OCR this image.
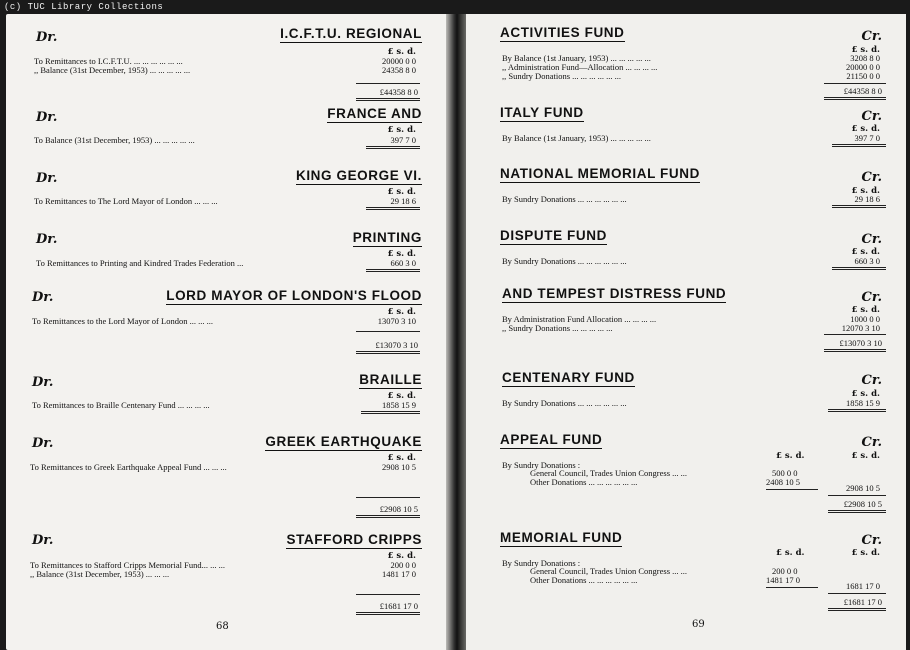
(c) TUC Library Collections
Dr.	I.C.F.T.U. REGIONAL
£ s. d.
To Remittances to I.C.F.T.U. ... ... ... ... ... ...	20000 0 0
,, Balance (31st December, 1953) ... ... ... ... ...	24358 8 0
£44358 8 0
Dr.	FRANCE AND
£ s. d.
To Balance (31st December, 1953) ... ... ... ... ...	397 7 0
Dr.	KING GEORGE VI.
£ s. d.
To Remittances to The Lord Mayor of London ... ... ...	29 18 6
Dr.	PRINTING
£ s. d.
To Remittances to Printing and Kindred Trades Federation ...	660 3 0
Dr.	LORD MAYOR OF LONDON'S FLOOD
£ s. d.
To Remittances to the Lord Mayor of London ... ... ...	13070 3 10
£13070 3 10
Dr.	BRAILLE
£ s. d.
To Remittances to Braille Centenary Fund ... ... ... ...	1858 15 9
Dr.	GREEK EARTHQUAKE
£ s. d.
To Remittances to Greek Earthquake Appeal Fund ... ... ...	2908 10 5
£2908 10 5
Dr.	STAFFORD CRIPPS
£ s. d.
To Remittances to Stafford Cripps Memorial Fund... ... ...	200 0 0
,, Balance (31st December, 1953) ... ... ...	1481 17 0
£1681 17 0
68
ACTIVITIES FUND	Cr.
£ s. d.
By Balance (1st January, 1953) ... ... ... ... ...	3208 8 0
,, Administration Fund—Allocation ... ... ... ...	20000 0 0
,, Sundry Donations ... ... ... ... ... ...	21150 0 0
£44358 8 0
ITALY FUND	Cr.
£ s. d.
By Balance (1st January, 1953) ... ... ... ... ...	397 7 0
NATIONAL MEMORIAL FUND	Cr.
£ s. d.
By Sundry Donations ... ... ... ... ... ...	29 18 6
DISPUTE FUND	Cr.
£ s. d.
By Sundry Donations ... ... ... ... ... ...	660 3 0
AND TEMPEST DISTRESS FUND	Cr.
£ s. d.
By Administration Fund Allocation ... ... ... ...	1000 0 0
,, Sundry Donations ... ... ... ... ...	12070 3 10
£13070 3 10
CENTENARY FUND	Cr.
£ s. d.
By Sundry Donations ... ... ... ... ... ...	1858 15 9
APPEAL FUND	Cr.
£ s. d.	£ s. d.
By Sundry Donations :
General Council, Trades Union Congress ... ...	500 0 0
Other Donations ... ... ... ... ... ...	2408 10 5
2908 10 5
£2908 10 5
MEMORIAL FUND	Cr.
£ s. d.	£ s. d.
By Sundry Donations :
General Council, Trades Union Congress ... ...	200 0 0
Other Donations ... ... ... ... ... ...	1481 17 0
1681 17 0
£1681 17 0
69
